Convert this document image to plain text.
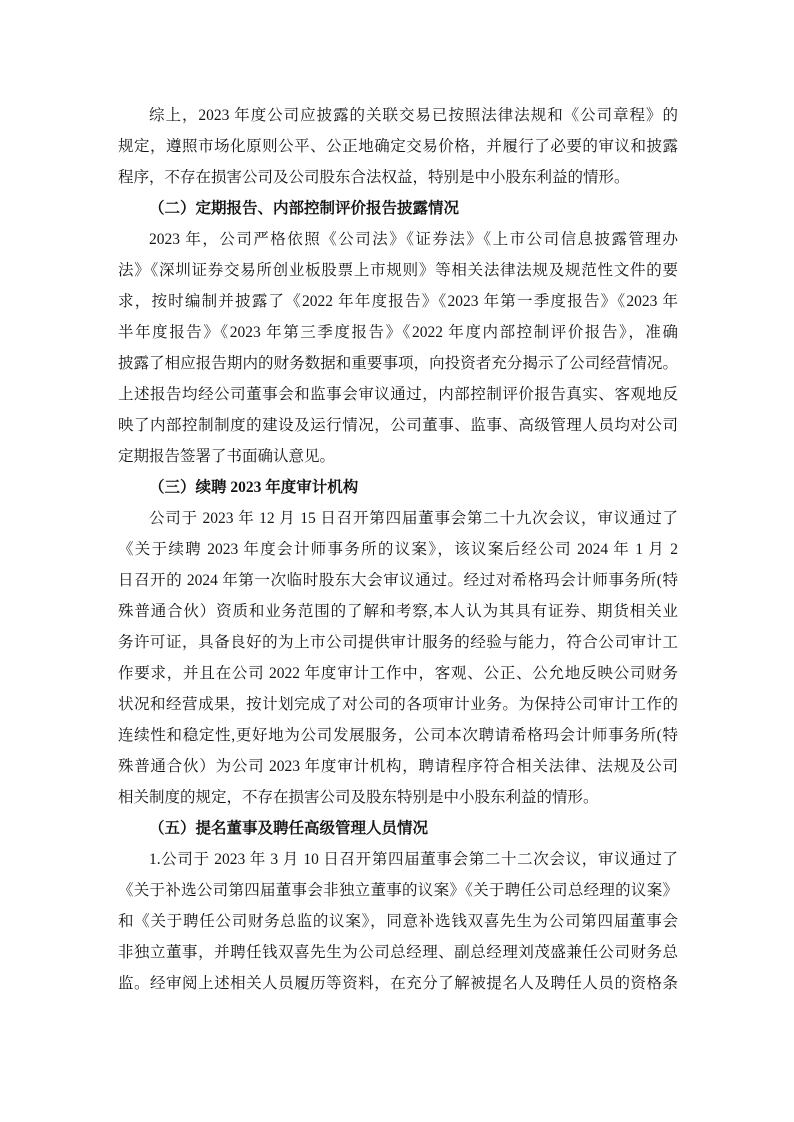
综上，2023 年度公司应披露的关联交易已按照法律法规和《公司章程》的
规定，遵照市场化原则公平、公正地确定交易价格，并履行了必要的审议和披露
程序，不存在损害公司及公司股东合法权益，特别是中小股东利益的情形。
（二）定期报告、内部控制评价报告披露情况
2023 年，公司严格依照《公司法》《证券法》《上市公司信息披露管理办
法》《深圳证券交易所创业板股票上市规则》等相关法律法规及规范性文件的要
求，按时编制并披露了《2022 年年度报告》《2023 年第一季度报告》《2023 年
半年度报告》《2023 年第三季度报告》《2022 年度内部控制评价报告》，准确
披露了相应报告期内的财务数据和重要事项，向投资者充分揭示了公司经营情况。
上述报告均经公司董事会和监事会审议通过，内部控制评价报告真实、客观地反
映了内部控制制度的建设及运行情况，公司董事、监事、高级管理人员均对公司
定期报告签署了书面确认意见。
（三）续聘 2023 年度审计机构
公司于 2023 年 12 月 15 日召开第四届董事会第二十九次会议，审议通过了
《关于续聘 2023 年度会计师事务所的议案》，该议案后经公司 2024 年 1 月 2
日召开的 2024 年第一次临时股东大会审议通过。经过对希格玛会计师事务所(特
殊普通合伙）资质和业务范围的了解和考察,本人认为其具有证券、期货相关业
务许可证，具备良好的为上市公司提供审计服务的经验与能力，符合公司审计工
作要求，并且在公司 2022 年度审计工作中，客观、公正、公允地反映公司财务
状况和经营成果，按计划完成了对公司的各项审计业务。为保持公司审计工作的
连续性和稳定性,更好地为公司发展服务，公司本次聘请希格玛会计师事务所(特
殊普通合伙）为公司 2023 年度审计机构，聘请程序符合相关法律、法规及公司
相关制度的规定，不存在损害公司及股东特别是中小股东利益的情形。
（五）提名董事及聘任高级管理人员情况
1.公司于 2023 年 3 月 10 日召开第四届董事会第二十二次会议，审议通过了
《关于补选公司第四届董事会非独立董事的议案》《关于聘任公司总经理的议案》
和《关于聘任公司财务总监的议案》，同意补选钱双喜先生为公司第四届董事会
非独立董事，并聘任钱双喜先生为公司总经理、副总经理刘茂盛兼任公司财务总
监。经审阅上述相关人员履历等资料，在充分了解被提名人及聘任人员的资格条
